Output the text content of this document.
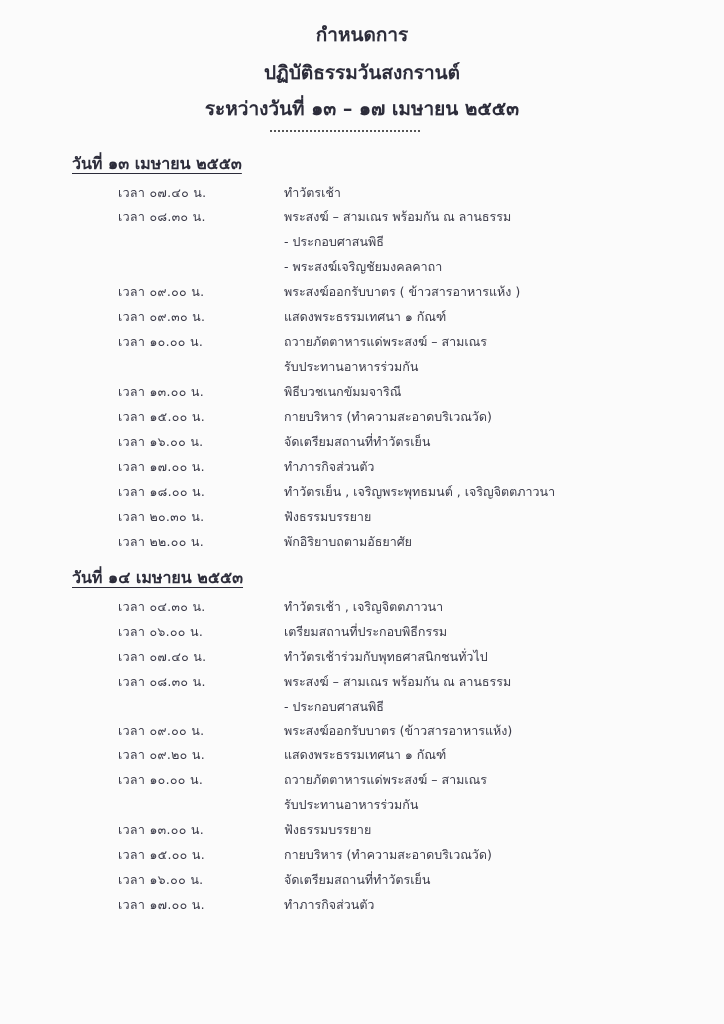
กำหนดการ
ปฏิบัติธรรมวันสงกรานต์
ระหว่างวันที่ ๑๓ – ๑๗ เมษายน ๒๕๕๓
วันที่ ๑๓ เมษายน ๒๕๕๓
เวลา ๐๗.๔๐ น.	ทำวัตรเช้า
เวลา ๐๘.๓๐ น.	พระสงฆ์ – สามเณร พร้อมกัน ณ ลานธรรม
- ประกอบศาสนพิธี
- พระสงฆ์เจริญชัยมงคลคาถา
เวลา ๐๙.๐๐ น.	พระสงฆ์ออกรับบาตร ( ข้าวสารอาหารแห้ง )
เวลา ๐๙.๓๐ น.	แสดงพระธรรมเทศนา ๑ กัณฑ์
เวลา ๑๐.๐๐ น.	ถวายภัตตาหารแด่พระสงฆ์ – สามเณร
รับประทานอาหารร่วมกัน
เวลา ๑๓.๐๐ น.	พิธีบวชเนกขัมมจาริณี
เวลา ๑๕.๐๐ น.	กายบริหาร (ทำความสะอาดบริเวณวัด)
เวลา ๑๖.๐๐ น.	จัดเตรียมสถานที่ทำวัตรเย็น
เวลา ๑๗.๐๐ น.	ทำภารกิจส่วนตัว
เวลา ๑๘.๐๐ น.	ทำวัตรเย็น , เจริญพระพุทธมนต์ , เจริญจิตตภาวนา
เวลา ๒๐.๓๐ น.	ฟังธรรมบรรยาย
เวลา ๒๒.๐๐ น.	พักอิริยาบถตามอัธยาศัย
วันที่ ๑๔ เมษายน ๒๕๕๓
เวลา ๐๔.๓๐ น.	ทำวัตรเช้า , เจริญจิตตภาวนา
เวลา ๐๖.๐๐ น.	เตรียมสถานที่ประกอบพิธีกรรม
เวลา ๐๗.๔๐ น.	ทำวัตรเช้าร่วมกับพุทธศาสนิกชนทั่วไป
เวลา ๐๘.๓๐ น.	พระสงฆ์ – สามเณร พร้อมกัน ณ ลานธรรม
- ประกอบศาสนพิธี
เวลา ๐๙.๐๐ น.	พระสงฆ์ออกรับบาตร (ข้าวสารอาหารแห้ง)
เวลา ๐๙.๒๐ น.	แสดงพระธรรมเทศนา ๑ กัณฑ์
เวลา ๑๐.๐๐ น.	ถวายภัตตาหารแด่พระสงฆ์ – สามเณร
รับประทานอาหารร่วมกัน
เวลา ๑๓.๐๐ น.	ฟังธรรมบรรยาย
เวลา ๑๕.๐๐ น.	กายบริหาร (ทำความสะอาดบริเวณวัด)
เวลา ๑๖.๐๐ น.	จัดเตรียมสถานที่ทำวัตรเย็น
เวลา ๑๗.๐๐ น.	ทำภารกิจส่วนตัว
